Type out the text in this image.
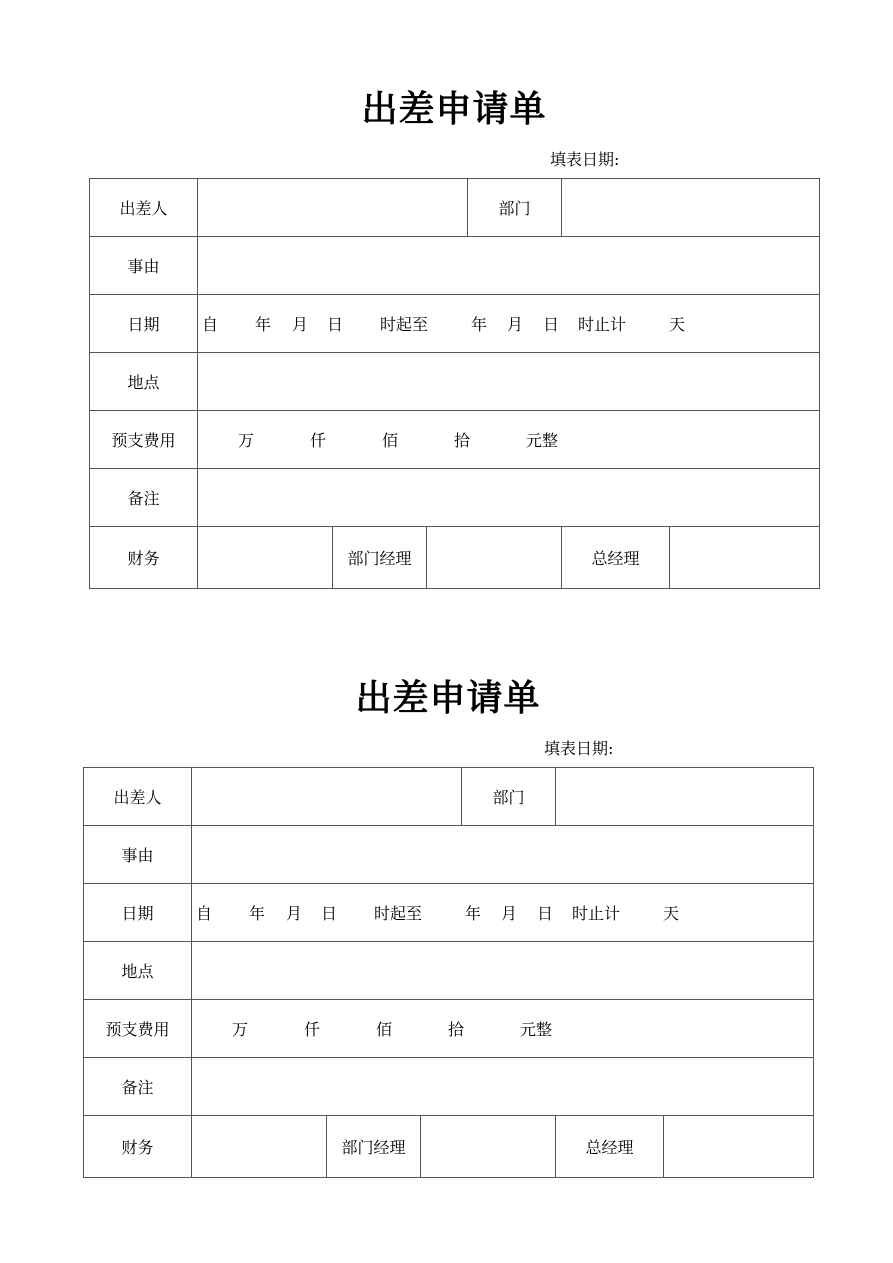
出差申请单
填表日期:
出差人				部门		
事由						
日期	自 年 月 日 时起至 年 月 日 时止计 天					

地点						
预支费用	万 仟 佰 拾 元整					

备注						
财务		部门经理			总经理	
出差申请单
填表日期:
出差人				部门		
事由						
日期	自 年 月 日 时起至 年 月 日 时止计 天					

地点						
预支费用	万 仟 佰 拾 元整					

备注						
财务		部门经理			总经理	
